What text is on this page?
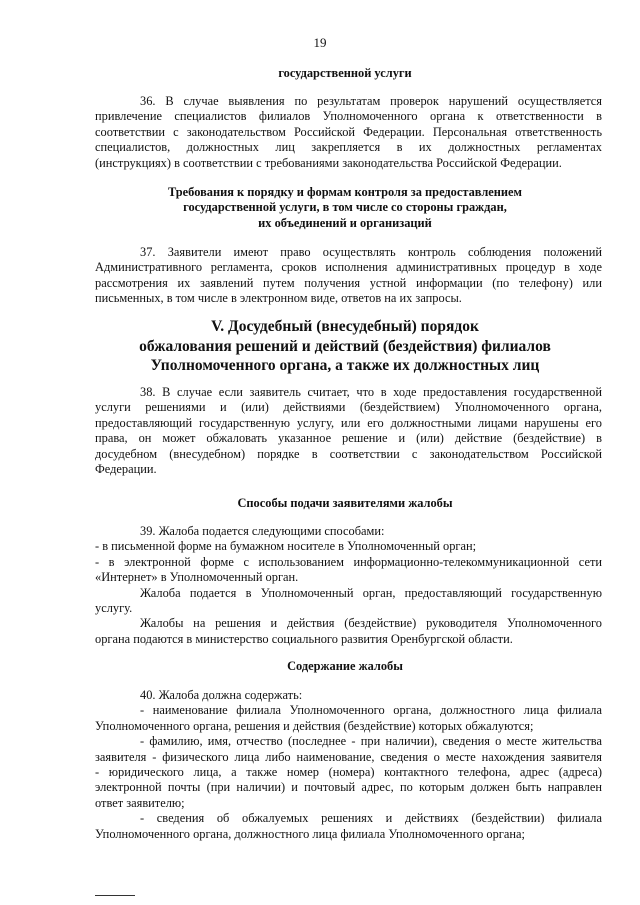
19
государственной услуги
36. В случае выявления по результатам проверок нарушений осуществляется
привлечение специалистов филиалов Уполномоченного органа к ответственности в
соответствии с законодательством Российской Федерации. Персональная ответственность
специалистов, должностных лиц закрепляется в их должностных регламентах
(инструкциях) в соответствии с требованиями законодательства Российской Федерации.
Требования к порядку и формам контроля за предоставлением
государственной услуги, в том числе со стороны граждан,
их объединений и организаций
37. Заявители имеют право осуществлять контроль соблюдения положений
Административного регламента, сроков исполнения административных процедур в ходе
рассмотрения их заявлений путем получения устной информации (по телефону) или
письменных, в том числе в электронном виде, ответов на их запросы.
V. Досудебный (внесудебный) порядок
обжалования решений и действий (бездействия) филиалов
Уполномоченного органа, а также их должностных лиц
38. В случае если заявитель считает, что в ходе предоставления государственной
услуги решениями и (или) действиями (бездействием) Уполномоченного органа,
предоставляющий государственную услугу, или его должностными лицами нарушены его
права, он может обжаловать указанное решение и (или) действие (бездействие) в
досудебном (внесудебном) порядке в соответствии с законодательством Российской
Федерации.
Способы подачи заявителями жалобы
39. Жалоба подается следующими способами:
- в письменной форме на бумажном носителе в Уполномоченный орган;
- в электронной форме с использованием информационно-телекоммуникационной сети
«Интернет» в Уполномоченный орган.
Жалоба подается в Уполномоченный орган, предоставляющий государственную
услугу.
Жалобы на решения и действия (бездействие) руководителя Уполномоченного
органа подаются в министерство социального развития Оренбургской области.
Содержание жалобы
40. Жалоба должна содержать:
- наименование филиала Уполномоченного органа, должностного лица филиала
Уполномоченного органа, решения и действия (бездействие) которых обжалуются;
- фамилию, имя, отчество (последнее - при наличии), сведения о месте жительства
заявителя - физического лица либо наименование, сведения о месте нахождения заявителя
- юридического лица, а также номер (номера) контактного телефона, адрес (адреса)
электронной почты (при наличии) и почтовый адрес, по которым должен быть направлен
ответ заявителю;
- сведения об обжалуемых решениях и действиях (бездействии) филиала
Уполномоченного органа, должностного лица филиала Уполномоченного органа;
